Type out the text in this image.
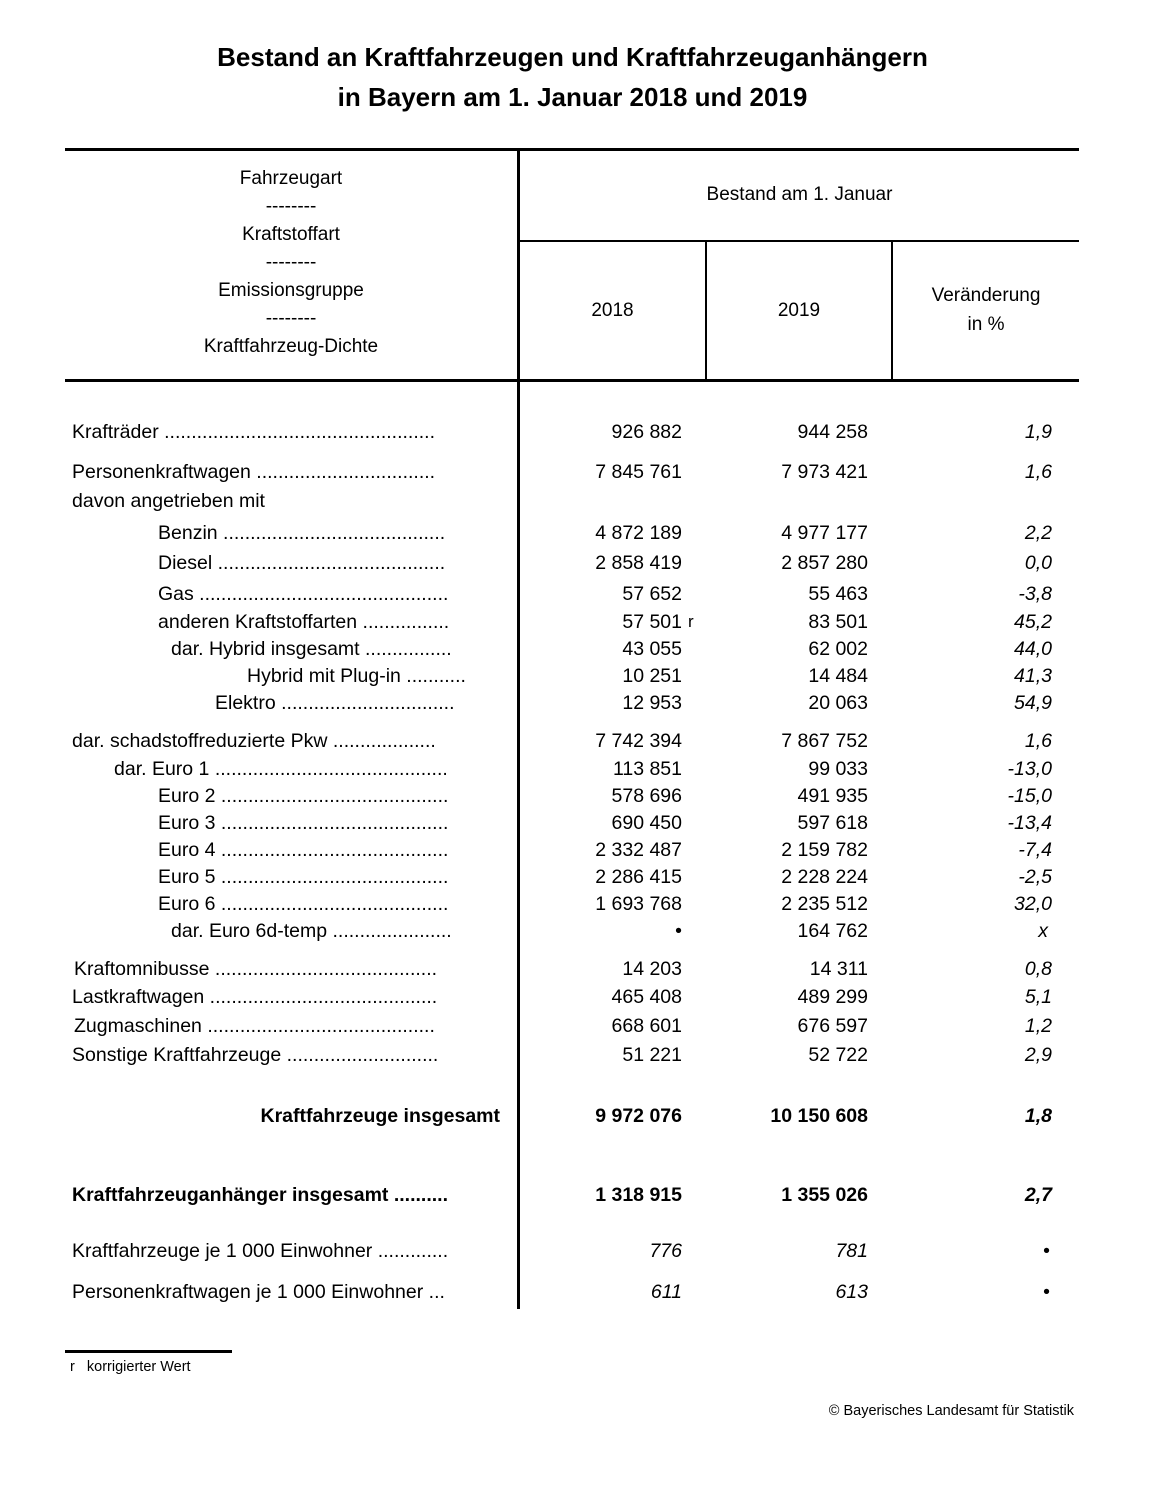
Bestand an Kraftfahrzeugen und Kraftfahrzeuganhängern
in Bayern am 1. Januar 2018 und 2019
Fahrzeugart
--------
Kraftstoffart
--------
Emissionsgruppe
--------
Kraftfahrzeug-Dichte
Bestand am 1. Januar
2018	2019
Veränderung
in %
Krafträder ..................................................	926 882	944 258	1,9
Personenkraftwagen .................................	7 845 761	7 973 421	1,6
davon angetrieben mit
Benzin .........................................	4 872 189	4 977 177	2,2
Diesel ..........................................	2 858 419	2 857 280	0,0
Gas ..............................................	57 652	55 463	-3,8
anderen Kraftstoffarten ................	57 501 r	83 501	45,2
dar. Hybrid insgesamt ................	43 055	62 002	44,0
Hybrid mit Plug-in ...........	10 251	14 484	41,3
Elektro ................................	12 953	20 063	54,9
dar. schadstoffreduzierte Pkw ...................	7 742 394	7 867 752	1,6
dar. Euro 1 ...........................................	113 851	99 033	-13,0
Euro 2 ..........................................	578 696	491 935	-15,0
Euro 3 ..........................................	690 450	597 618	-13,4
Euro 4 ..........................................	2 332 487	2 159 782	-7,4
Euro 5 ..........................................	2 286 415	2 228 224	-2,5
Euro 6 ..........................................	1 693 768	2 235 512	32,0
dar. Euro 6d-temp ......................	•	164 762	x
Kraftomnibusse .........................................	14 203	14 311	0,8
Lastkraftwagen ..........................................	465 408	489 299	5,1
Zugmaschinen ..........................................	668 601	676 597	1,2
Sonstige Kraftfahrzeuge ............................	51 221	52 722	2,9
Kraftfahrzeuge insgesamt	9 972 076	10 150 608	1,8
Kraftfahrzeuganhänger insgesamt ..........	1 318 915	1 355 026	2,7
Kraftfahrzeuge je 1 000 Einwohner .............	776	781	•
Personenkraftwagen je 1 000 Einwohner ...	611	613	•
r   korrigierter Wert
© Bayerisches Landesamt für Statistik
